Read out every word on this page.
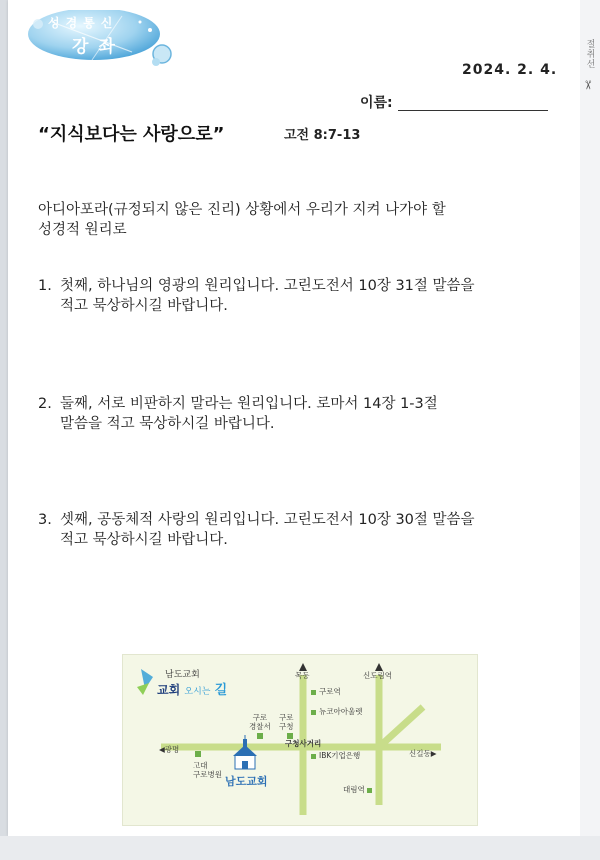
절취선
✂
성경통신
강좌
2024. 2. 4.
이름:
“지식보다는 사랑으로”	고전 8:7-13
아디아포라(규정되지 않은 진리) 상황에서 우리가 지켜 나가야 할
성경적 원리로
1. 첫째, 하나님의 영광의 원리입니다. 고린도전서 10장 31절 말씀을
적고 묵상하시길 바랍니다.
2. 둘째, 서로 비판하지 말라는 원리입니다. 로마서 14장 1-3절
말씀을 적고 묵상하시길 바랍니다.
3. 셋째, 공동체적 사랑의 원리입니다. 고린도전서 10장 30절 말씀을
적고 묵상하시길 바랍니다.
남도교회
교회 오시는 길
목동	신도림역
구로역
뉴코아아울렛
구로
경찰서
구로
구청
구청사거리
◀광명
고대
구로병원
IBK기업은행	신길동▶
대림역
남도교회
